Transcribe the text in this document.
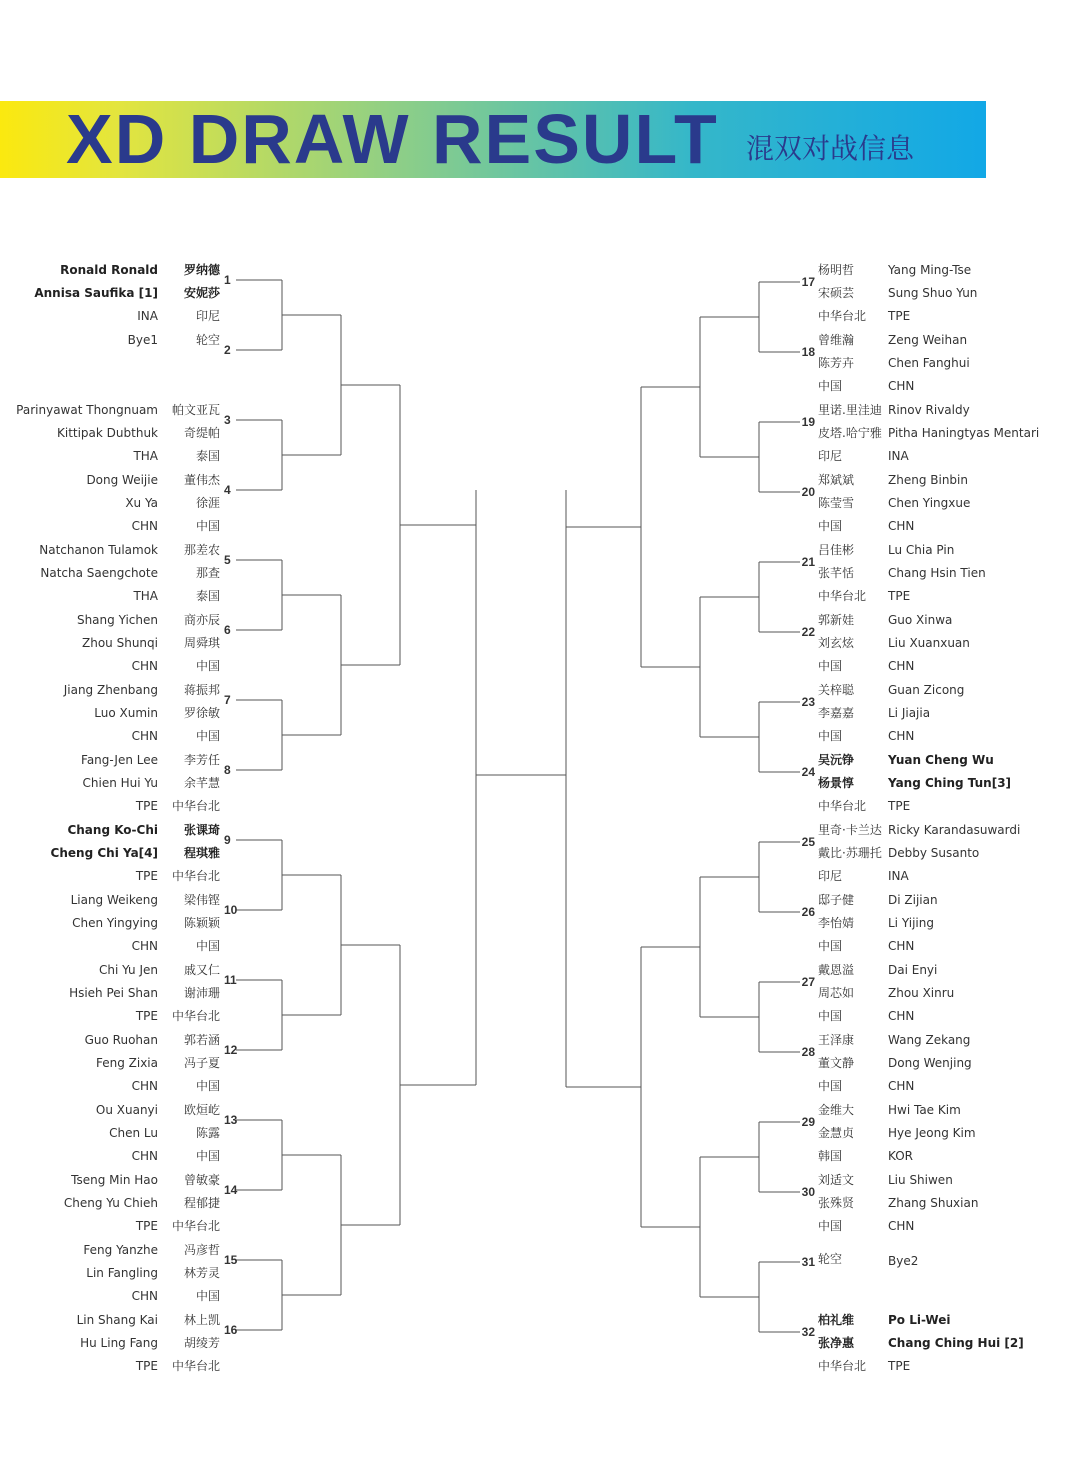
XD DRAW RESULT 混双对战信息
Ronald Ronald 罗纳德
Annisa Saufika [1] 安妮莎
INA	印尼
1
Bye1	轮空
2
Parinyawat Thongnuam 帕文亚瓦
Kittipak Dubthuk 奇缇帕
THA	泰国
3
Dong Weijie 董伟杰
Xu Ya	徐涯
CHN	中国
4
Natchanon Tulamok 那差农
Natcha Saengchote	那查
THA	泰国
5
Shang Yichen 商亦辰
Zhou Shunqi 周舜琪
CHN	中国
6
Jiang Zhenbang 蒋振邦
Luo Xumin 罗徐敏
CHN	中国
7
Fang-Jen Lee 李芳任
Chien Hui Yu 余芊慧
TPE 中华台北
8
Chang Ko-Chi 张课琦
Cheng Chi Ya[4] 程琪雅
TPE 中华台北
9
Liang Weikeng 梁伟铿
Chen Yingying 陈颖颖
CHN	中国
10
Chi Yu Jen 戚又仁
Hsieh Pei Shan 谢沛珊
TPE 中华台北
11
Guo Ruohan 郭若涵
Feng Zixia 冯子夏
CHN	中国
12
Ou Xuanyi 欧烜屹
Chen Lu	陈露
CHN	中国
13
Tseng Min Hao 曾敏豪
Cheng Yu Chieh 程郁捷
TPE 中华台北
14
Feng Yanzhe 冯彦哲
Lin Fangling 林芳灵
CHN	中国
15
Lin Shang Kai 林上凯
Hu Ling Fang 胡绫芳
TPE 中华台北
16
杨明哲	Yang Ming-Tse
宋硕芸	Sung Shuo Yun
中华台北 TPE
17
曾维瀚	Zeng Weihan
陈芳卉	Chen Fanghui
中国	CHN
18
里诺.里洼迪 Rinov Rivaldy
皮塔.哈宁雅 Pitha Haningtyas Mentari
印尼	INA
19
郑斌斌	Zheng Binbin
陈莹雪	Chen Yingxue
中国	CHN
20
吕佳彬	Lu Chia Pin
张芊恬	Chang Hsin Tien
中华台北 TPE
21
郭新娃	Guo Xinwa
刘玄炫	Liu Xuanxuan
中国	CHN
22
关梓聪	Guan Zicong
李嘉嘉	Li Jiajia
中国	CHN
23
吴沅铮	Yuan Cheng Wu
杨景惇	Yang Ching Tun[3]
中华台北 TPE
24
里奇·卡兰达 Ricky Karandasuwardi
戴比·苏珊托 Debby Susanto
印尼	INA
25
邸子健	Di Zijian
李怡婧	Li Yijing
中国	CHN
26
戴恩溢	Dai Enyi
周芯如	Zhou Xinru
中国	CHN
27
王泽康	Wang Zekang
董文静	Dong Wenjing
中国	CHN
28
金维大	Hwi Tae Kim
金慧贞	Hye Jeong Kim
韩国	KOR
29
刘适文	Liu Shiwen
张殊贤	Zhang Shuxian
中国	CHN
30
轮空	Bye2
31
柏礼维	Po Li-Wei
张净惠	Chang Ching Hui [2]
中华台北 TPE
32
